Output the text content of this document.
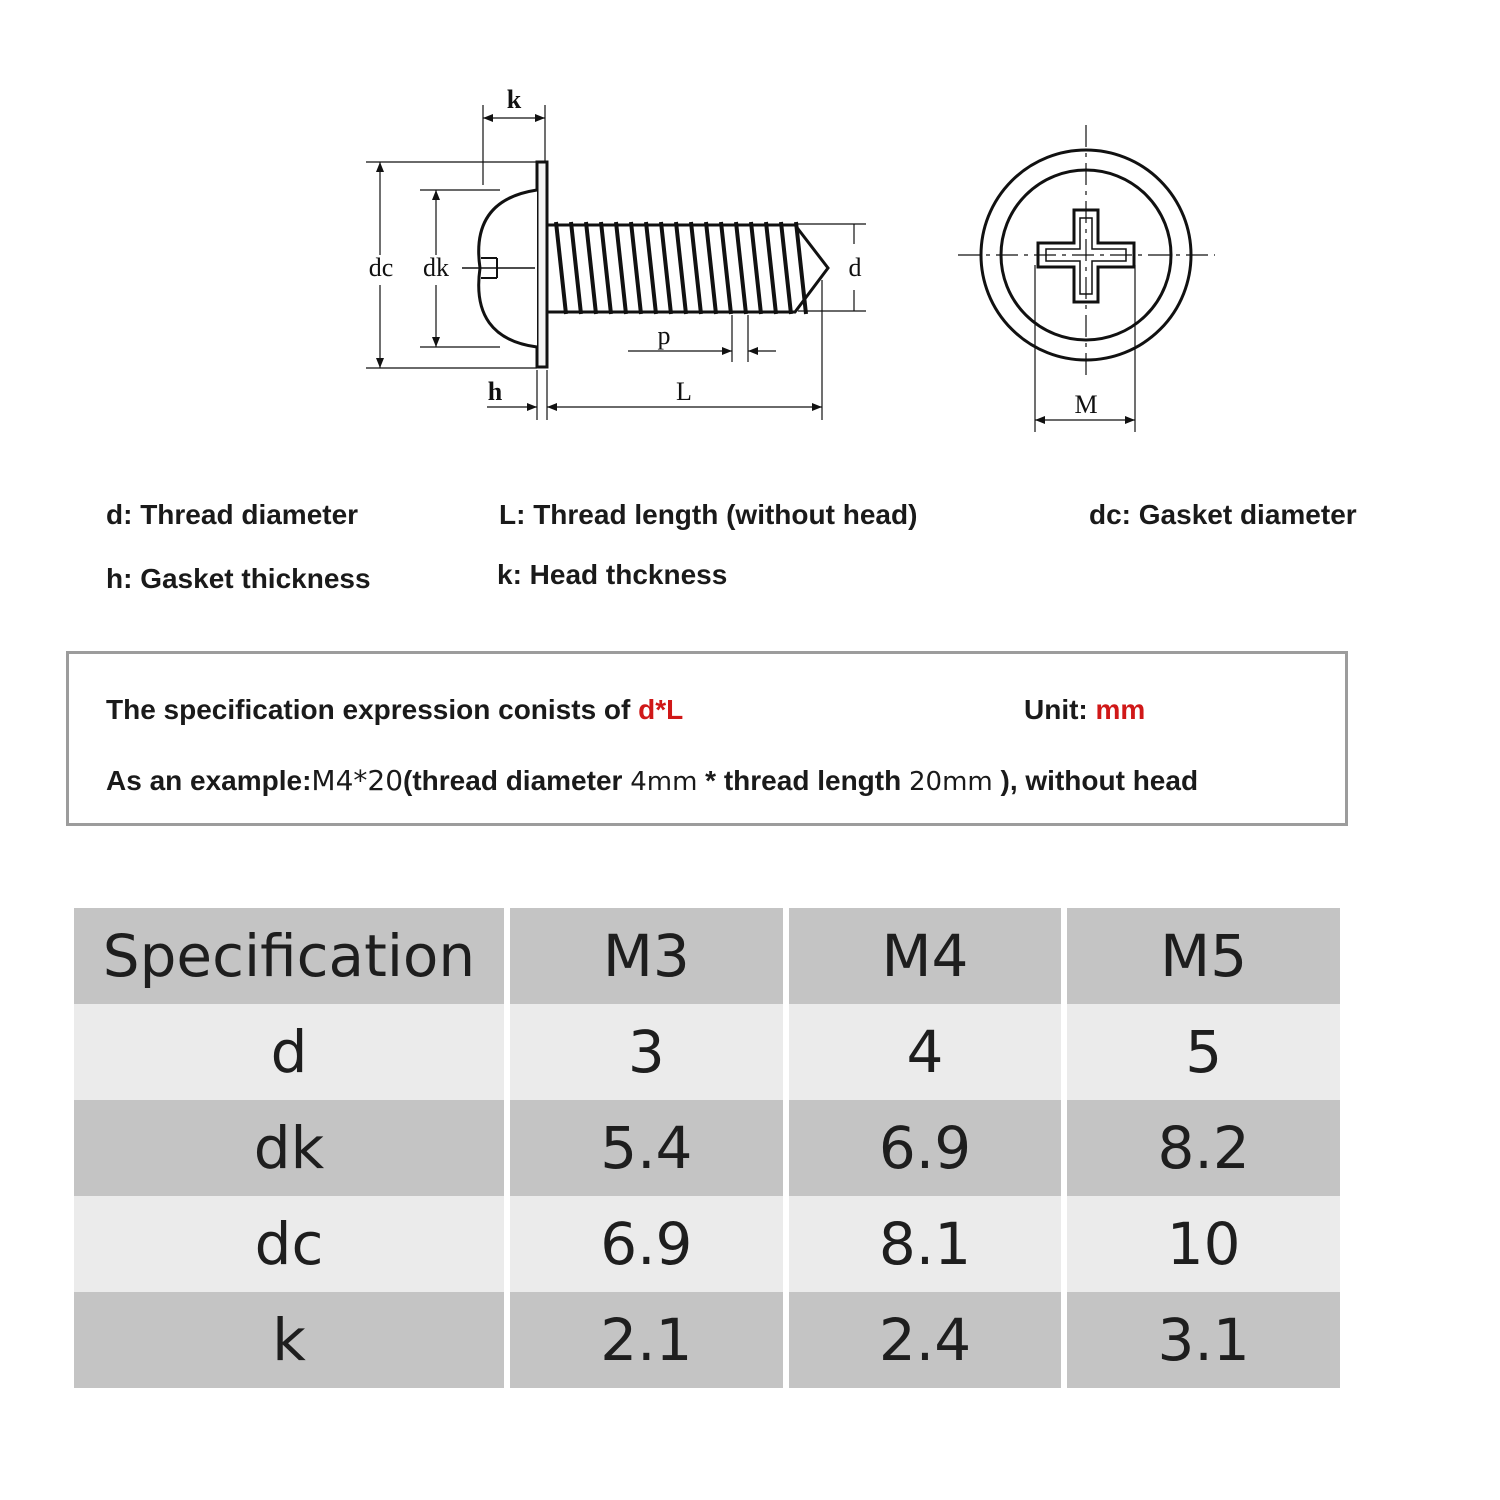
k
dc dk	d
p
h	L	M
d: Thread diameter	L: Thread length (without head)	dc: Gasket diameter
h: Gasket thickness	k: Head thckness
The specification expression conists of d*L	Unit: mm
As an example:M4*20(thread diameter 4mm * thread length 20mm ), without head
Specification	M3	M4	M5
d	3	4	5
dk	5.4	6.9	8.2
dc	6.9	8.1	10
k	2.1	2.4	3.1
